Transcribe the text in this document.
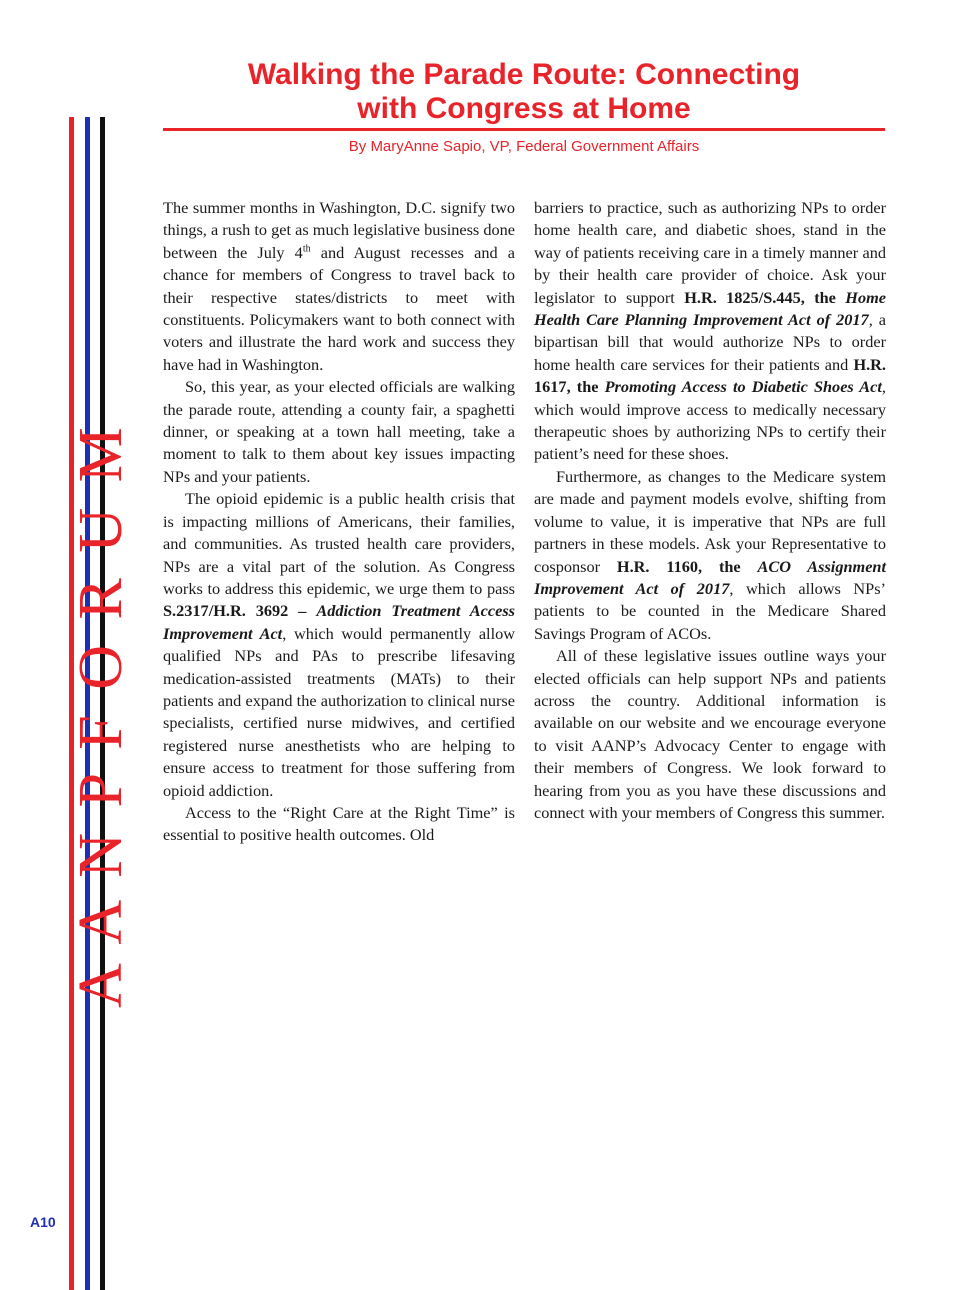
A A N P F O R U M
A10
Walking the Parade Route: Connecting
with Congress at Home
By MaryAnne Sapio, VP, Federal Government Affairs

The summer months in Washington, D.C. signify two things, a rush to get as much legislative business done between the July 4th and August recesses and a chance for members of Congress to travel back to their respective states/districts to meet with constituents. Policymakers want to both connect with voters and illustrate the hard work and success they have had in Washington.

So, this year, as your elected officials are walking the parade route, attending a county fair, a spaghetti dinner, or speaking at a town hall meeting, take a moment to talk to them about key issues impacting NPs and your patients.

The opioid epidemic is a public health crisis that is impacting millions of Americans, their families, and communities. As trusted health care providers, NPs are a vital part of the solution. As Congress works to address this epidemic, we urge them to pass S.2317/H.R. 3692 – Addiction Treatment Access Improvement Act, which would permanently allow qualified NPs and PAs to prescribe lifesaving medication-assisted treatments (MATs) to their patients and expand the authorization to clinical nurse specialists, certified nurse midwives, and certified registered nurse anesthetists who are helping to ensure access to treatment for those suffering from opioid addiction.

Access to the “Right Care at the Right Time” is essential to positive health outcomes. Old

barriers to practice, such as authorizing NPs to order home health care, and diabetic shoes, stand in the way of patients receiving care in a timely manner and by their health care provider of choice. Ask your legislator to support H.R. 1825/S.445, the Home Health Care Planning Improvement Act of 2017, a bipartisan bill that would authorize NPs to order home health care services for their patients and H.R. 1617, the Promoting Access to Diabetic Shoes Act, which would improve access to medically necessary therapeutic shoes by authorizing NPs to certify their patient’s need for these shoes.

Furthermore, as changes to the Medicare system are made and payment models evolve, shifting from volume to value, it is imperative that NPs are full partners in these models. Ask your Representative to cosponsor H.R. 1160, the ACO Assignment Improvement Act of 2017, which allows NPs’ patients to be counted in the Medicare Shared Savings Program of ACOs.

All of these legislative issues outline ways your elected officials can help support NPs and patients across the country. Additional information is available on our website and we encourage everyone to visit AANP’s Advocacy Center to engage with their members of Congress. We look forward to hearing from you as you have these discussions and connect with your members of Congress this summer.
